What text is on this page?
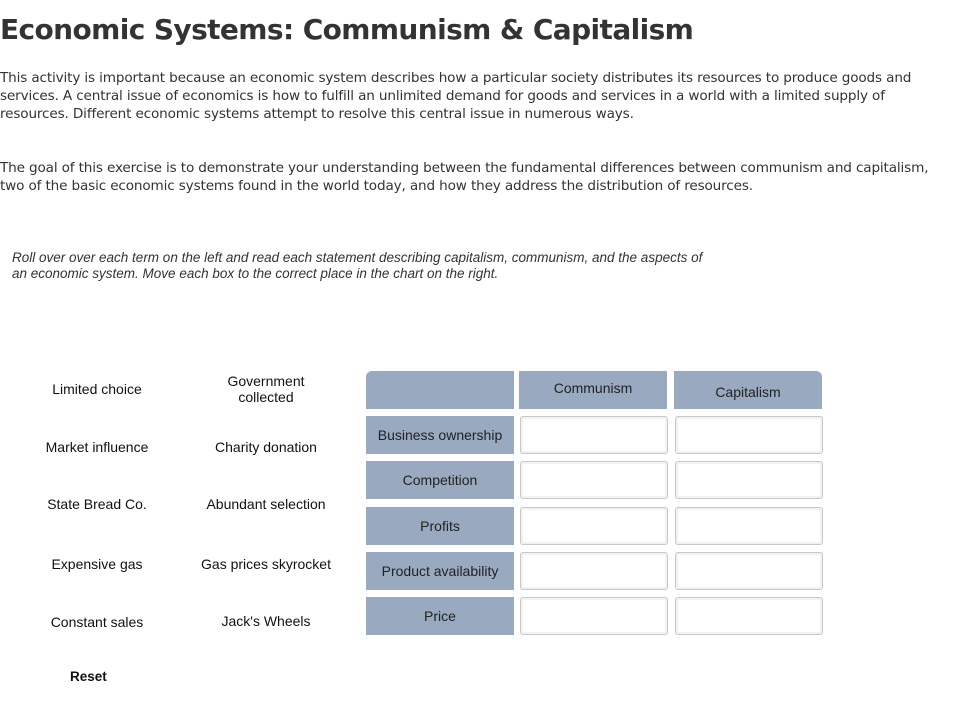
Economic Systems: Communism & Capitalism

This activity is important because an economic system describes how a particular society distributes its resources to produce goods and services. A central issue of economics is how to fulfill an unlimited demand for goods and services in a world with a limited supply of resources. Different economic systems attempt to resolve this central issue in numerous ways.

The goal of this exercise is to demonstrate your understanding between the fundamental differences between communism and capitalism, two of the basic economic systems found in the world today, and how they address the distribution of resources.

Roll over over each term on the left and read each statement describing capitalism, communism, and the aspects of an economic system. Move each box to the correct place in the chart on the right.

Limited choice
Market influence
State Bread Co.
Expensive gas
Constant sales
Government collected
Charity donation
Abundant selection
Gas prices skyrocket
Jack's Wheels
Communism	Capitalism
Business ownership
Competition
Profits
Product availability
Price
Reset
